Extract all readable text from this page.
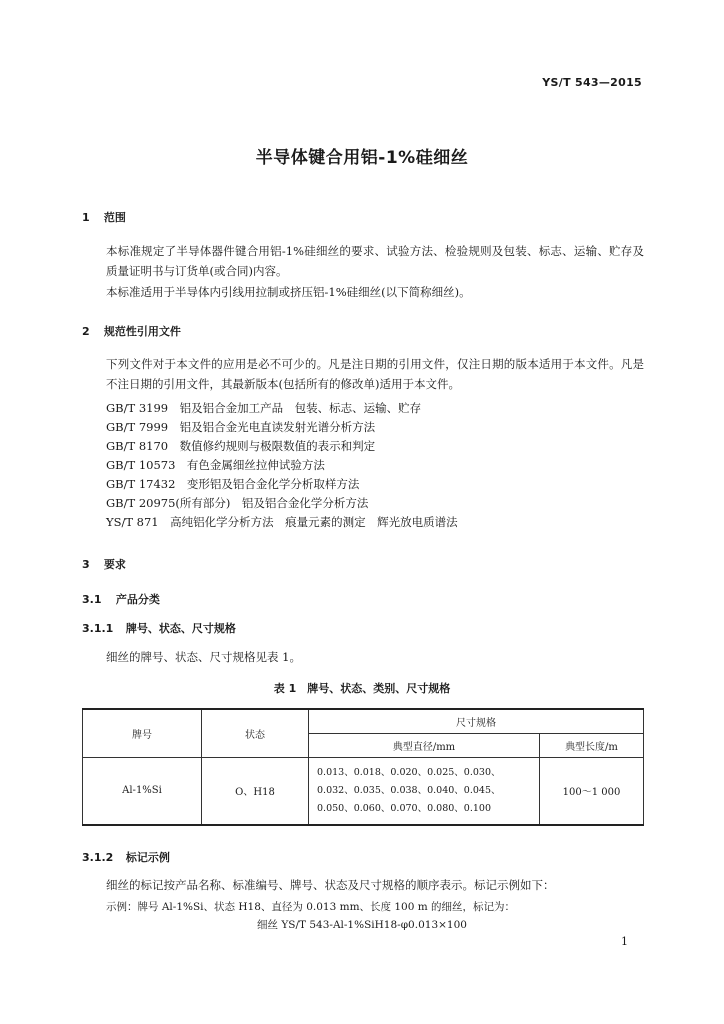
YS/T 543—2015
半导体键合用铝-1%硅细丝
1 范围
本标准规定了半导体器件键合用铝-1%硅细丝的要求、试验方法、检验规则及包装、标志、运输、贮存及质量证明书与订货单(或合同)内容。
本标准适用于半导体内引线用拉制或挤压铝-1%硅细丝(以下简称细丝)。
2 规范性引用文件
下列文件对于本文件的应用是必不可少的。凡是注日期的引用文件，仅注日期的版本适用于本文件。凡是不注日期的引用文件，其最新版本(包括所有的修改单)适用于本文件。
GB/T 3199　铝及铝合金加工产品　包装、标志、运输、贮存
GB/T 7999　铝及铝合金光电直读发射光谱分析方法
GB/T 8170　数值修约规则与极限数值的表示和判定
GB/T 10573　有色金属细丝拉伸试验方法
GB/T 17432　变形铝及铝合金化学分析取样方法
GB/T 20975(所有部分)　铝及铝合金化学分析方法
YS/T 871　高纯铝化学分析方法　痕量元素的测定　辉光放电质谱法
3 要求
3.1 产品分类
3.1.1 牌号、状态、尺寸规格
细丝的牌号、状态、尺寸规格见表 1。
表 1　牌号、状态、类别、尺寸规格
牌号	状态	尺寸规格	
		典型直径/mm	典型长度/m
Al-1%Si	O、H18	0.013、0.018、0.020、0.025、0.030、0.032、0.035、0.038、0.040、0.045、0.050、0.060、0.070、0.080、0.100	100～1 000
3.1.2 标记示例
细丝的标记按产品名称、标准编号、牌号、状态及尺寸规格的顺序表示。标记示例如下：
示例：牌号 Al-1%Si、状态 H18、直径为 0.013 mm、长度 100 m 的细丝，标记为：
细丝 YS/T 543-Al-1%SiH18-φ0.013×100
1
